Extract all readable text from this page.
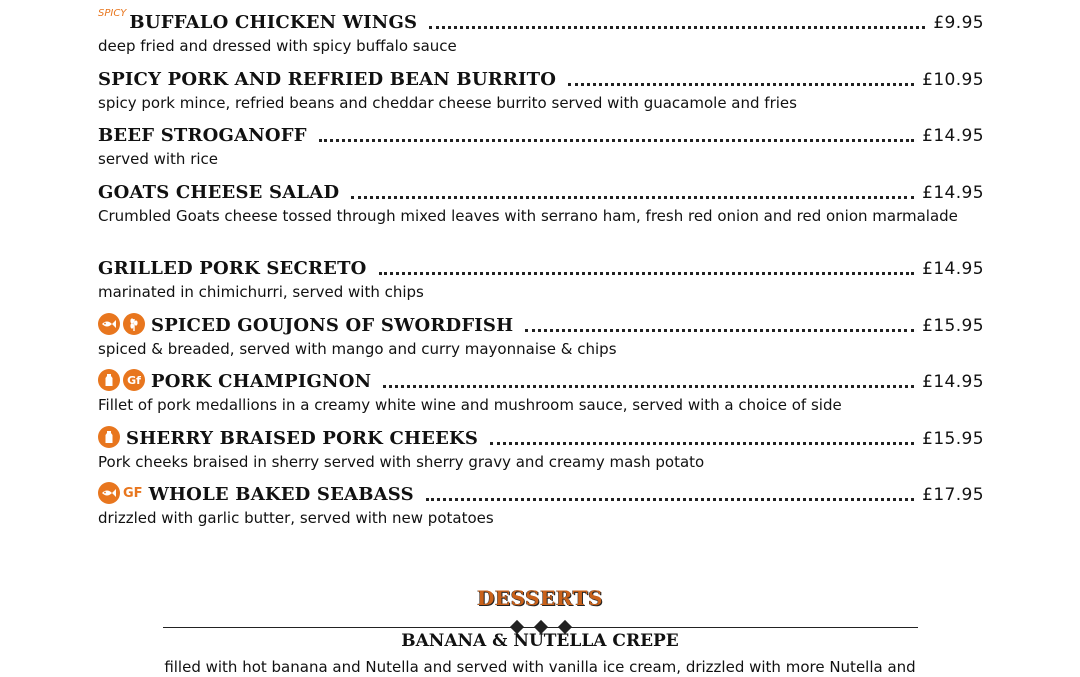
SPICY BUFFALO CHICKEN WINGS	£9.95
deep fried and dressed with spicy buffalo sauce
SPICY PORK AND REFRIED BEAN BURRITO	£10.95
spicy pork mince, refried beans and cheddar cheese burrito served with guacamole and fries
BEEF STROGANOFF	£14.95
served with rice
GOATS CHEESE SALAD	£14.95
Crumbled Goats cheese tossed through mixed leaves with serrano ham, fresh red onion and red onion marmalade
GRILLED PORK SECRETO	£14.95
marinated in chimichurri, served with chips
SPICED GOUJONS OF SWORDFISH	£15.95
spiced & breaded, served with mango and curry mayonnaise & chips
Gf PORK CHAMPIGNON	£14.95
Fillet of pork medallions in a creamy white wine and mushroom sauce, served with a choice of side
SHERRY BRAISED PORK CHEEKS	£15.95
Pork cheeks braised in sherry served with sherry gravy and creamy mash potato
GF WHOLE BAKED SEABASS	£17.95
drizzled with garlic butter, served with new potatoes
DESSERTS
BANANA & NUTELLA CREPE
filled with hot banana and Nutella and served with vanilla ice cream, drizzled with more Nutella and
